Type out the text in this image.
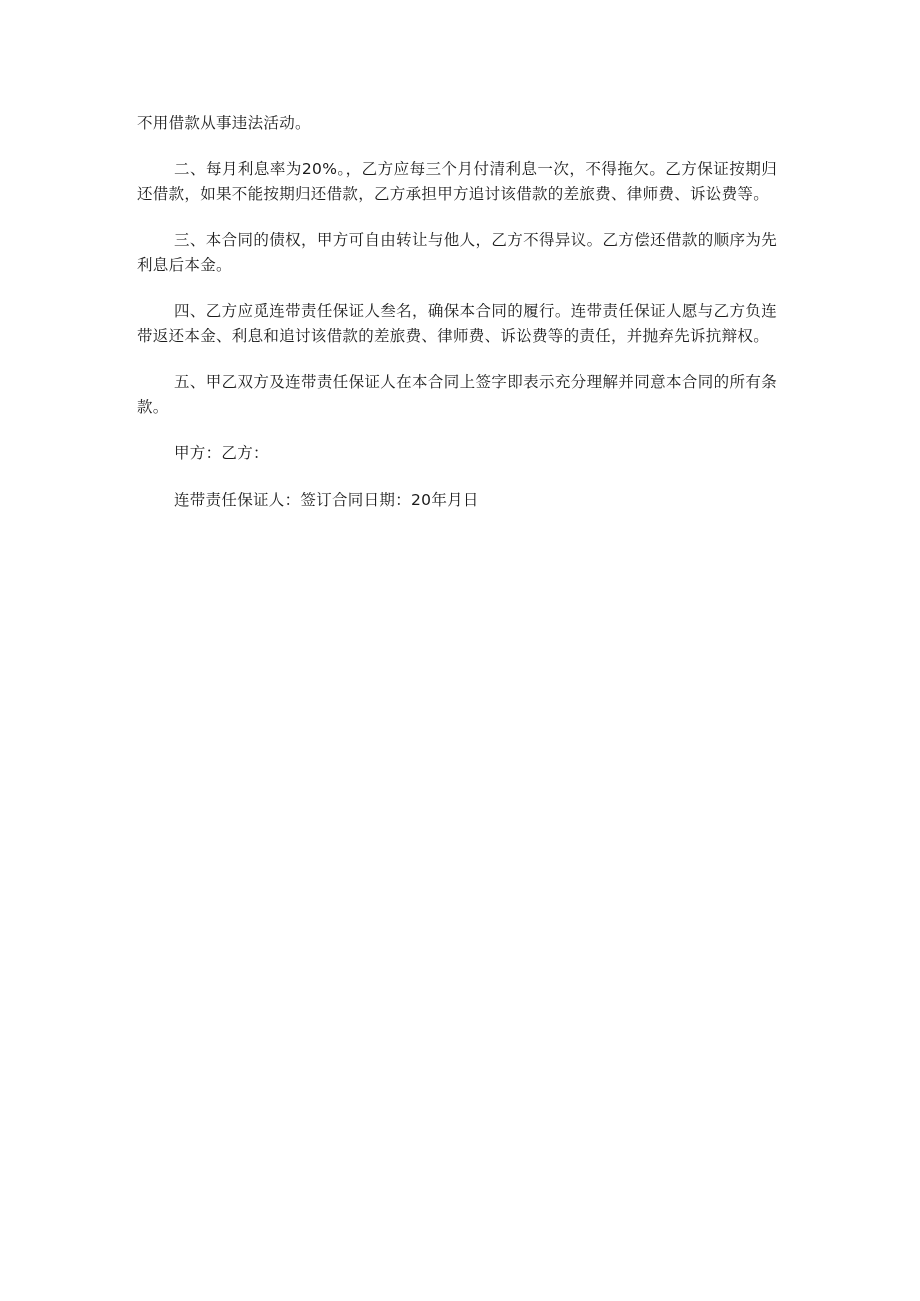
不用借款从事违法活动。

二、每月利息率为20%。，乙方应每三个月付清利息一次，不得拖欠。乙方保证按期归还借款，如果不能按期归还借款，乙方承担甲方追讨该借款的差旅费、律师费、诉讼费等。

三、本合同的债权，甲方可自由转让与他人，乙方不得异议。乙方偿还借款的顺序为先利息后本金。

四、乙方应觅连带责任保证人叁名，确保本合同的履行。连带责任保证人愿与乙方负连带返还本金、利息和追讨该借款的差旅费、律师费、诉讼费等的责任，并抛弃先诉抗辩权。

五、甲乙双方及连带责任保证人在本合同上签字即表示充分理解并同意本合同的所有条款。

甲方：乙方：

连带责任保证人：签订合同日期：20年月日
